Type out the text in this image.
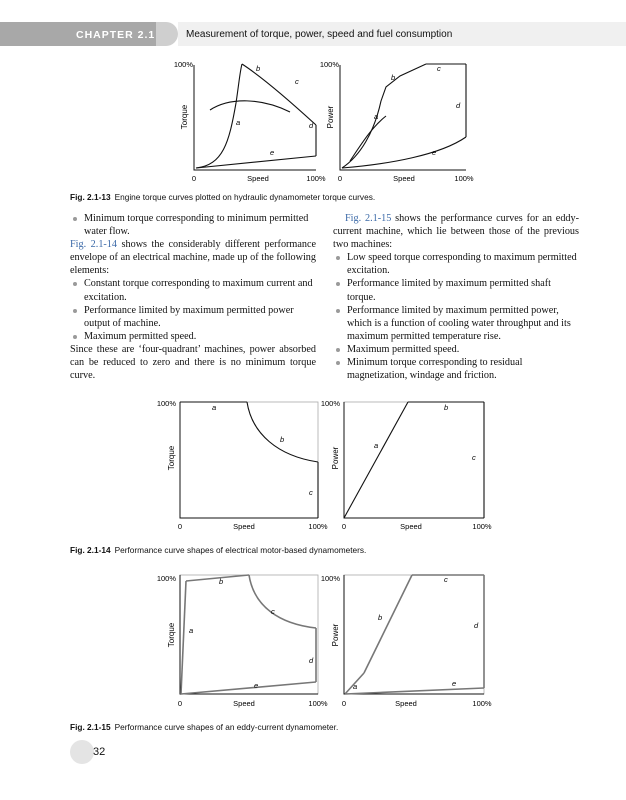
CHAPTER 2.1	Measurement of torque, power, speed and fuel consumption
100%
0	Speed	100%
Torque
b
c
a	d
e
100%
0	Speed	100%
Power	a
b
c
d
e
Fig. 2.1-13 Engine torque curves plotted on hydraulic dynamometer torque curves.
Minimum torque corresponding to minimum permitted water flow.

Fig. 2.1-14 shows the considerably different performance envelope of an electrical machine, made up of the following elements:

Constant torque corresponding to maximum current and excitation.
Performance limited by maximum permitted power output of machine.
Maximum permitted speed.

Since these are ‘four-quadrant’ machines, power absorbed can be reduced to zero and there is no minimum torque curve.

Fig. 2.1-15 shows the performance curves for an eddy-current machine, which lie between those of the previous two machines:

Low speed torque corresponding to maximum permitted excitation.
Performance limited by maximum permitted shaft torque.
Performance limited by maximum permitted power, which is a function of cooling water throughput and its maximum permitted temperature rise.
Maximum permitted speed.
Minimum torque corresponding to residual magnetization, windage and friction.
100%
0	Speed	100%
Torque
a
b
c
100%
0	Speed	100%
Power
a
b
c
Fig. 2.1-14 Performance curve shapes of electrical motor-based dynamometers.
100%
0	Speed	100%
Torque a
b
c
d
e
100%
0	Speed	100%
Power
a
b
c
d
e
Fig. 2.1-15 Performance curve shapes of an eddy-current dynamometer.
32
